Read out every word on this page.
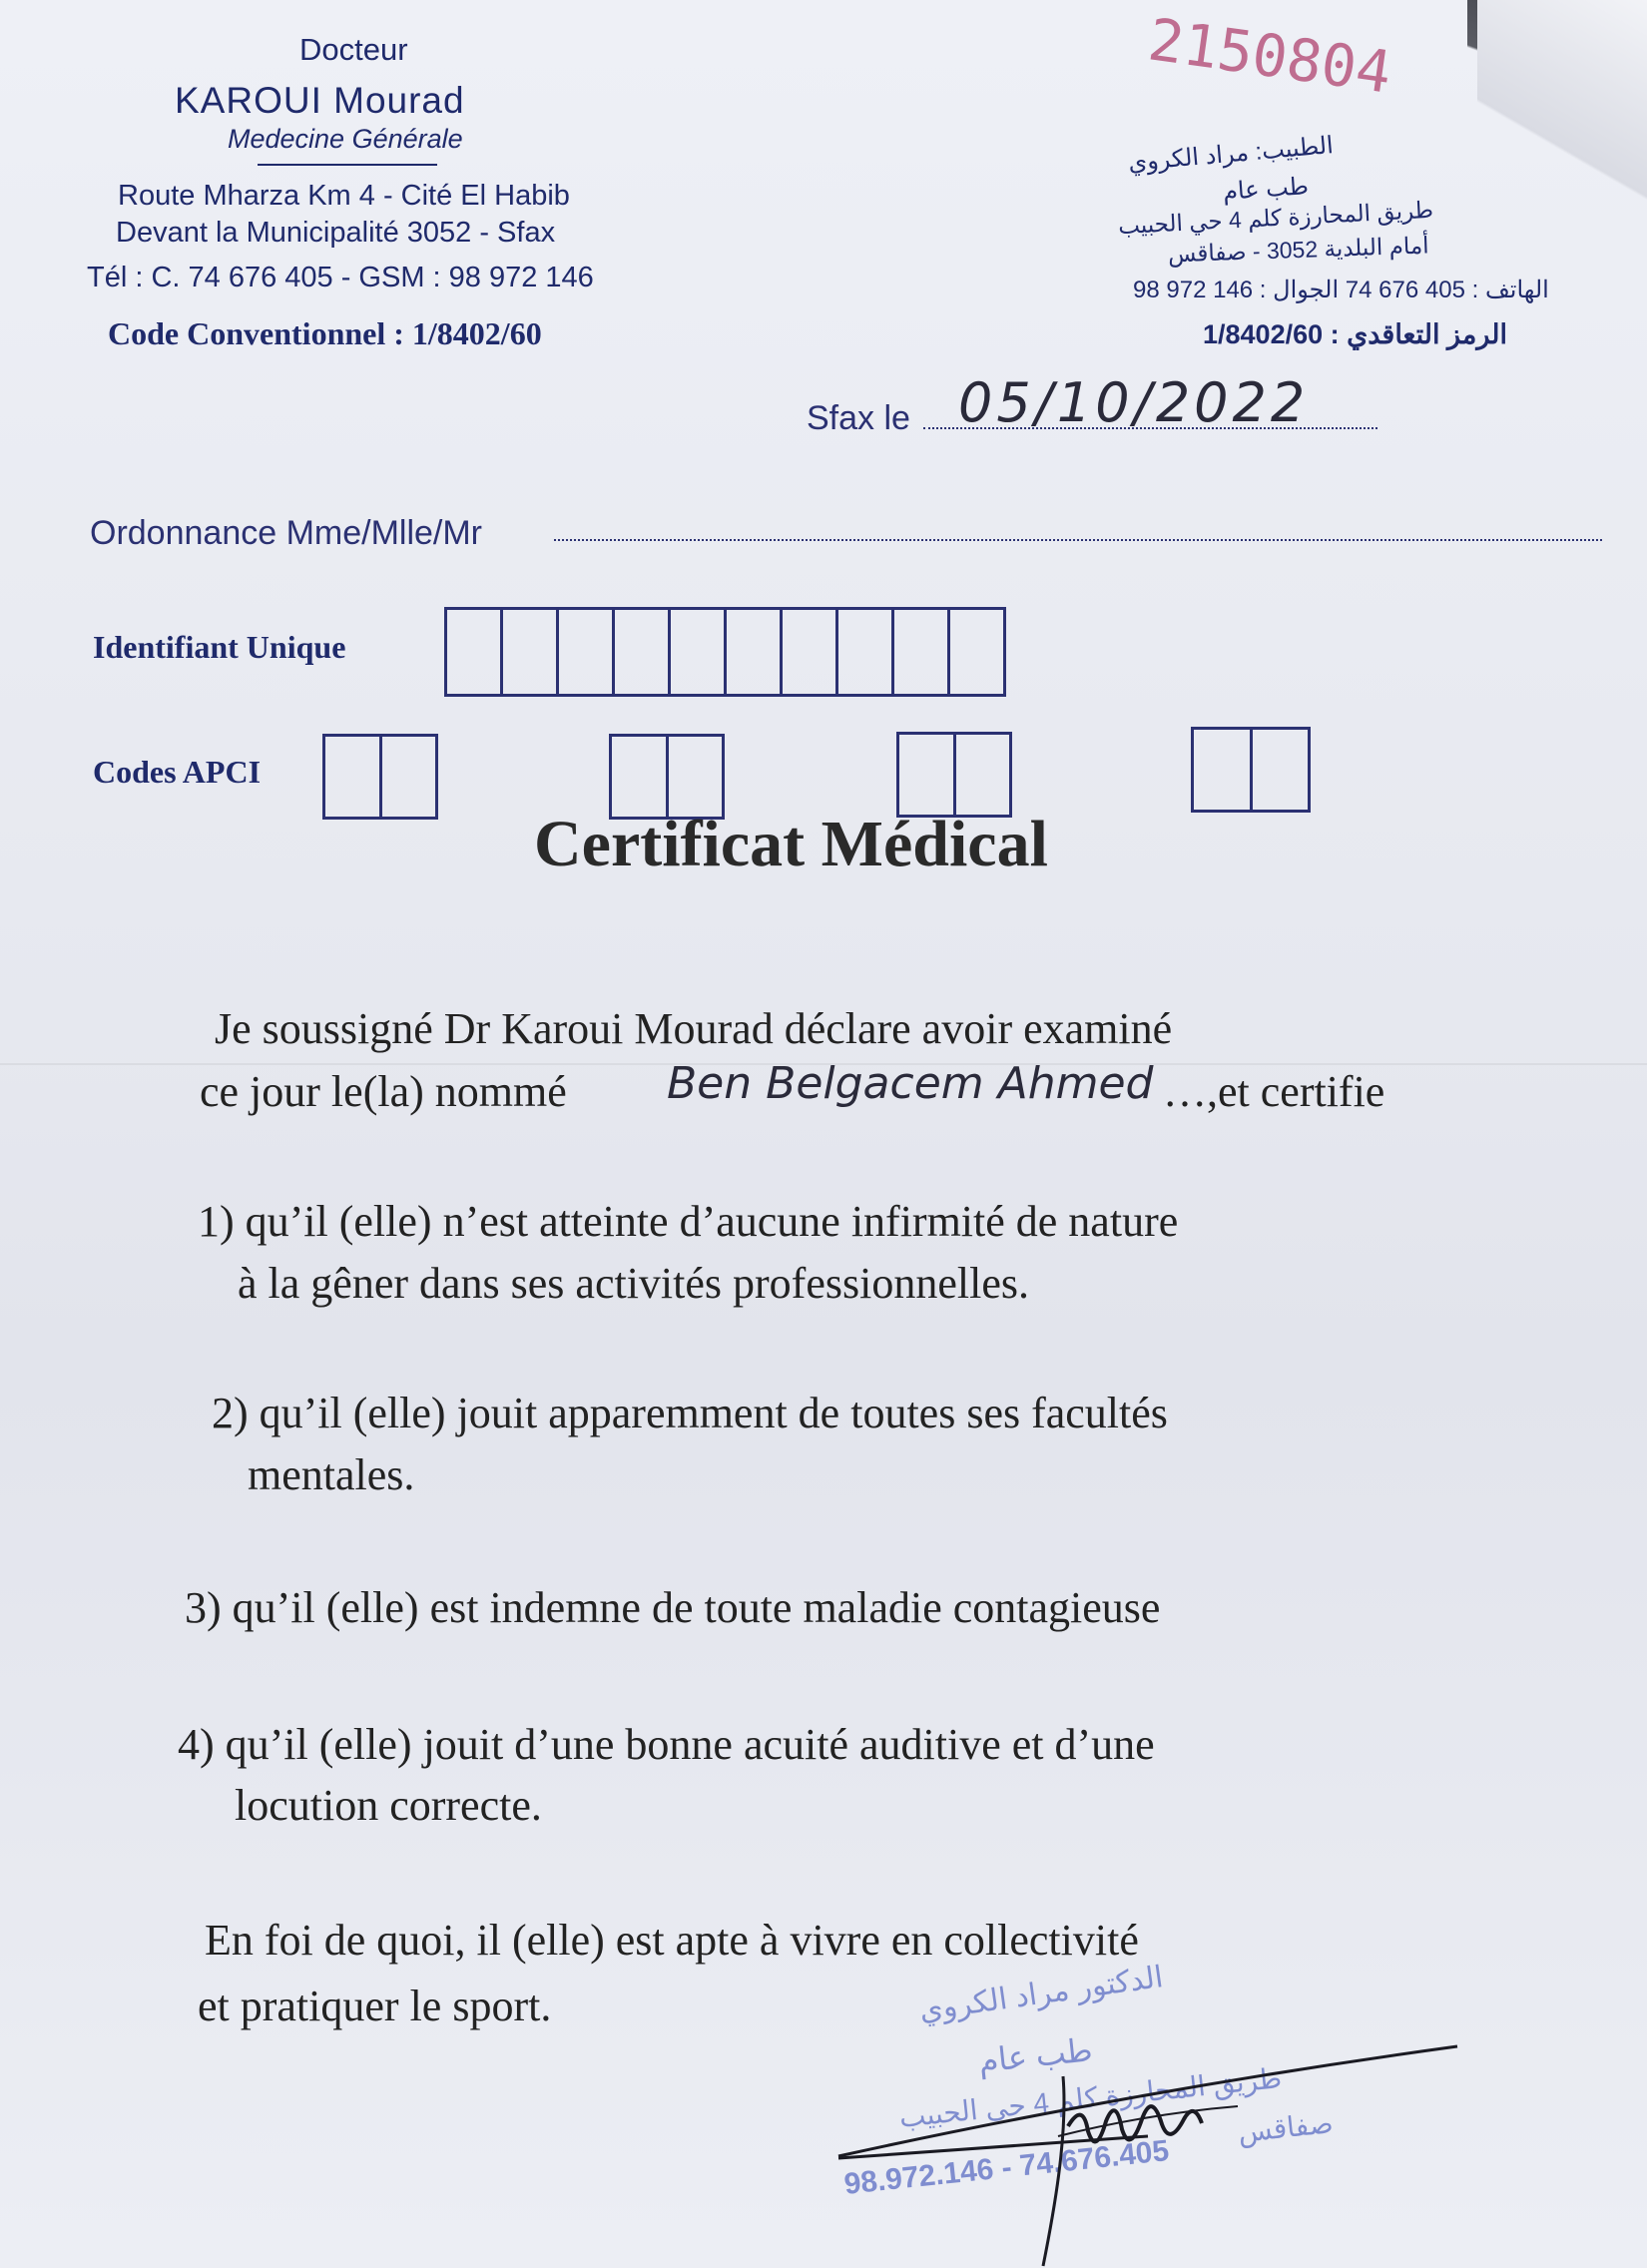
Docteur
KAROUI Mourad
Medecine Générale
Route Mharza Km 4 - Cité El Habib
Devant la Municipalité 3052 - Sfax
Tél : C. 74 676 405 - GSM : 98 972 146
Code Conventionnel : 1/8402/60
2150804
الطبيب: مراد الكروي
طب عام
طريق المحارزة كلم 4 حي الحبيب
أمام البلدية 3052 - صفاقس
الهاتف : 405 676 74 الجوال : 146 972 98
الرمز التعاقدي : 1/8402/60
Sfax le 05/10/2022
Ordonnance Mme/Mlle/Mr
Identifiant Unique
Codes APCI
Certificat Médical
Je soussigné Dr Karoui Mourad déclare avoir examiné
ce jour le(la) nommé Ben Belgacem Ahmed …,et certifie
1) qu’il (elle) n’est atteinte d’aucune infirmité de nature
à la gêner dans ses activités professionnelles.
2) qu’il (elle) jouit apparemment de toutes ses facultés
mentales.
3) qu’il (elle) est indemne de toute maladie contagieuse
4) qu’il (elle) jouit d’une bonne acuité auditive et d’une
locution correcte.
En foi de quoi, il (elle) est apte à vivre en collectivité
et pratiquer le sport.	الدكتور مراد الكروي
طب عام
طريق المحارزة كلم 4 حي الحبيب
صفاقس
98.972.146 - 74.676.405
